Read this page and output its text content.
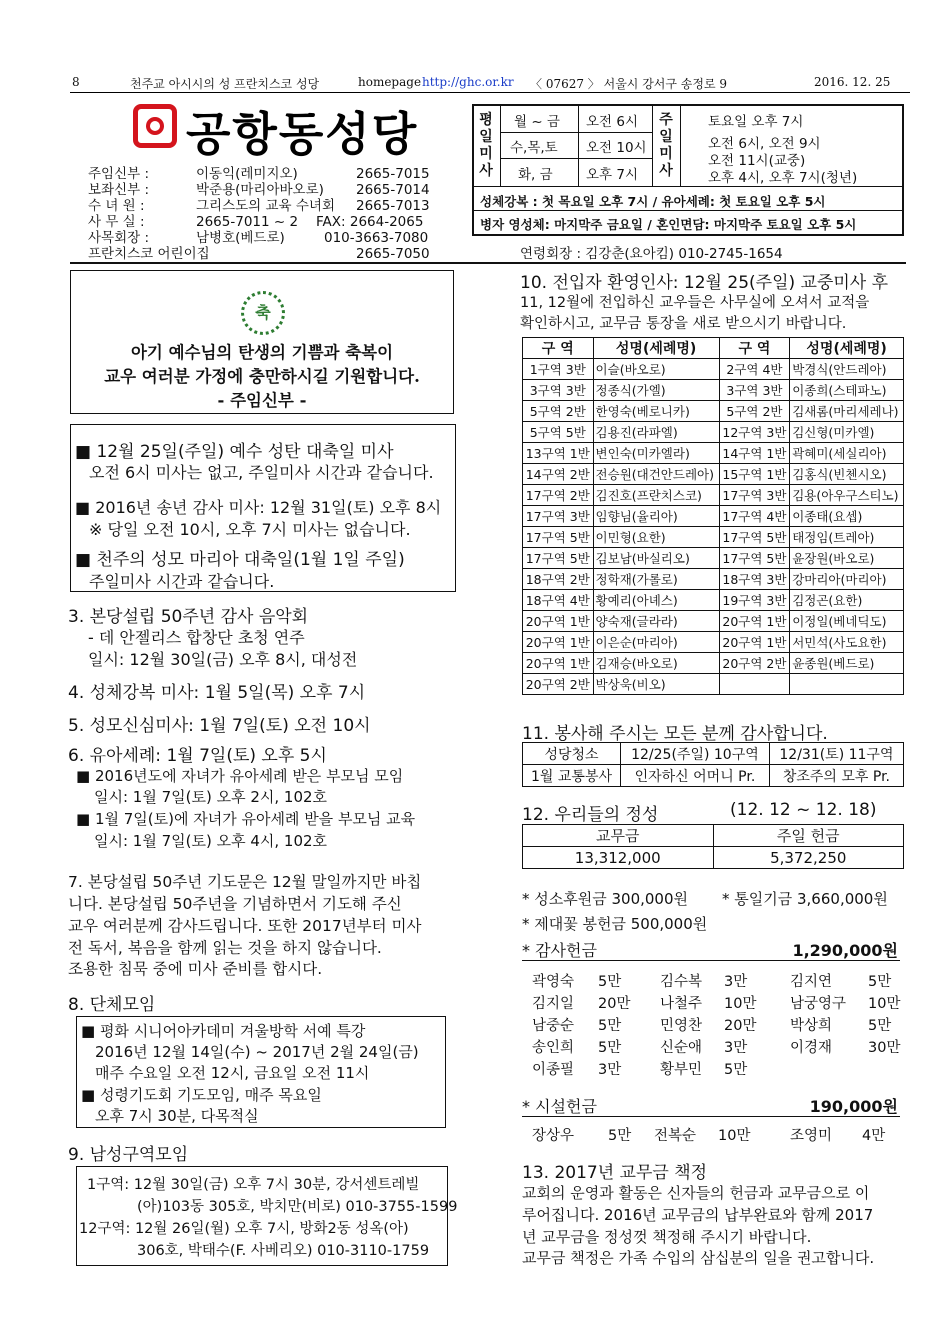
8	천주교 아시시의 성 프란치스코 성당	homepage http://ghc.or.kr 〈 07627 〉 서울시 강서구 송정로 9	2016. 12. 25
공항동성당
주임신부 :	이동익(레미지오)	2665-7015
보좌신부 :	박준용(마리아바오로) 2665-7014
수 녀 원 :	그리스도의 교육 수녀회 2665-7013
사 무 실 :	2665-7011 ~ 2 FAX: 2664-2065
사목회장 :	남병호(베드로)	010-3663-7080
프란치스코 어린이집	2665-7050
평
일
미
사
월 ~ 금 오전 6시
수,목,토 오전 10시
화, 금 오후 7시
주
일
미
사
토요일 오후 7시
오전 6시, 오전 9시
오전 11시(교중)
오후 4시, 오후 7시(청년)
성체강복 : 첫 목요일 오후 7시 / 유아세례: 첫 토요일 오후 5시
병자 영성체: 마지막주 금요일 / 혼인면담: 마지막주 토요일 오후 5시
연령회장 : 김강춘(요아킴) 010-2745-1654
축
아기 예수님의 탄생의 기쁨과 축복이
교우 여러분 가정에 충만하시길 기원합니다.
- 주임신부 -
■ 12월 25일(주일) 예수 성탄 대축일 미사
오전 6시 미사는 없고, 주일미사 시간과 같습니다.
■ 2016년 송년 감사 미사: 12월 31일(토) 오후 8시
※ 당일 오전 10시, 오후 7시 미사는 없습니다.
■ 천주의 성모 마리아 대축일(1월 1일 주일)
주일미사 시간과 같습니다.
3. 본당설립 50주년 감사 음악회
- 데 안젤리스 합창단 초청 연주
일시: 12월 30일(금) 오후 8시, 대성전
4. 성체강복 미사: 1월 5일(목) 오후 7시
5. 성모신심미사: 1월 7일(토) 오전 10시
6. 유아세례: 1월 7일(토) 오후 5시
■ 2016년도에 자녀가 유아세례 받은 부모님 모임
일시: 1월 7일(토) 오후 2시, 102호
■ 1월 7일(토)에 자녀가 유아세례 받을 부모님 교육
일시: 1월 7일(토) 오후 4시, 102호
7. 본당설립 50주년 기도문은 12월 말일까지만 바칩
니다. 본당설립 50주년을 기념하면서 기도해 주신
교우 여러분께 감사드립니다. 또한 2017년부터 미사
전 독서, 복음을 함께 읽는 것을 하지 않습니다.
조용한 침묵 중에 미사 준비를 합시다.
8. 단체모임
■ 평화 시니어아카데미 겨울방학 서예 특강
2016년 12월 14일(수) ~ 2017년 2월 24일(금)
매주 수요일 오전 12시, 금요일 오전 11시
■ 성령기도회 기도모임, 매주 목요일
오후 7시 30분, 다목적실
9. 남성구역모임
1구역: 12월 30일(금) 오후 7시 30분, 강서센트레빌
(아)103동 305호, 박치만(비로) 010-3755-1599
12구역: 12월 26일(월) 오후 7시, 방화2동 성옥(아)
306호, 박태수(F. 사베리오) 010-3110-1759
10. 전입자 환영인사: 12월 25(주일) 교중미사 후
11, 12월에 전입하신 교우들은 사무실에 오셔서 교적을
확인하시고, 교무금 통장을 새로 받으시기 바랍니다.
구 역	성명(세례명)	구 역	성명(세례명)
1구역 3반	이슬(바오로)	2구역 4반	박경식(안드레아)
3구역 3반	정종식(가엘)	3구역 3반	이종희(스테파노)
5구역 2반	한영숙(베로니카)	5구역 2반	김새롬(마리세레나)
5구역 5반	김용진(라파엘)	12구역 3반	김신형(미카엘)
13구역 1반	변인숙(미카엘라)	14구역 1반	곽혜미(세실리아)
14구역 2반	전승원(대건안드레아)	15구역 1반	김홍식(빈첸시오)
17구역 2반	김진호(프란치스코)	17구역 3반	김용(아우구스티노)
17구역 3반	임향님(율리아)	17구역 4반	이종태(요셉)
17구역 5반	이민형(요한)	17구역 5반	태정임(트레아)
17구역 5반	김보남(바실리오)	17구역 5반	윤장원(바오로)
18구역 2반	정학재(가롤로)	18구역 3반	강마리아(마리아)
18구역 4반	황예리(아녜스)	19구역 3반	김정곤(요한)
20구역 1반	양숙재(글라라)	20구역 1반	이정일(베네딕도)
20구역 1반	이은순(마리아)	20구역 1반	서민석(사도요한)
20구역 1반	김재승(바오로)	20구역 2반	윤종원(베드로)
20구역 2반	박상욱(비오)		
11. 봉사해 주시는 모든 분께 감사합니다.
성당청소	12/25(주일) 10구역	12/31(토) 11구역
1월 교통봉사	인자하신 어머니 Pr.	창조주의 모후 Pr.
12. 우리들의 정성	(12. 12 ~ 12. 18)
교무금	주일 헌금
13,312,000	5,372,250
* 성소후원금 300,000원 * 통일기금 3,660,000원
* 제대꽃 봉헌금 500,000원
* 감사헌금	1,290,000원
곽영숙 5만	김수복 3만	김지연 5만
김지일 20만 나철주 10만 남궁영구 10만
남중순 5만	민영찬 20만 박상희 5만
송인희 5만	신순애 3만	이경재 30만
이종필 3만	황부민 5만
* 시설헌금	190,000원
장상우 5만 전복순 10만	조영미 4만
13. 2017년 교무금 책정
교회의 운영과 활동은 신자들의 헌금과 교무금으로 이
루어집니다. 2016년 교무금의 납부완료와 함께 2017
년 교무금을 정성껏 책정해 주시기 바랍니다.
교무금 책정은 가족 수입의 삼십분의 일을 권고합니다.
